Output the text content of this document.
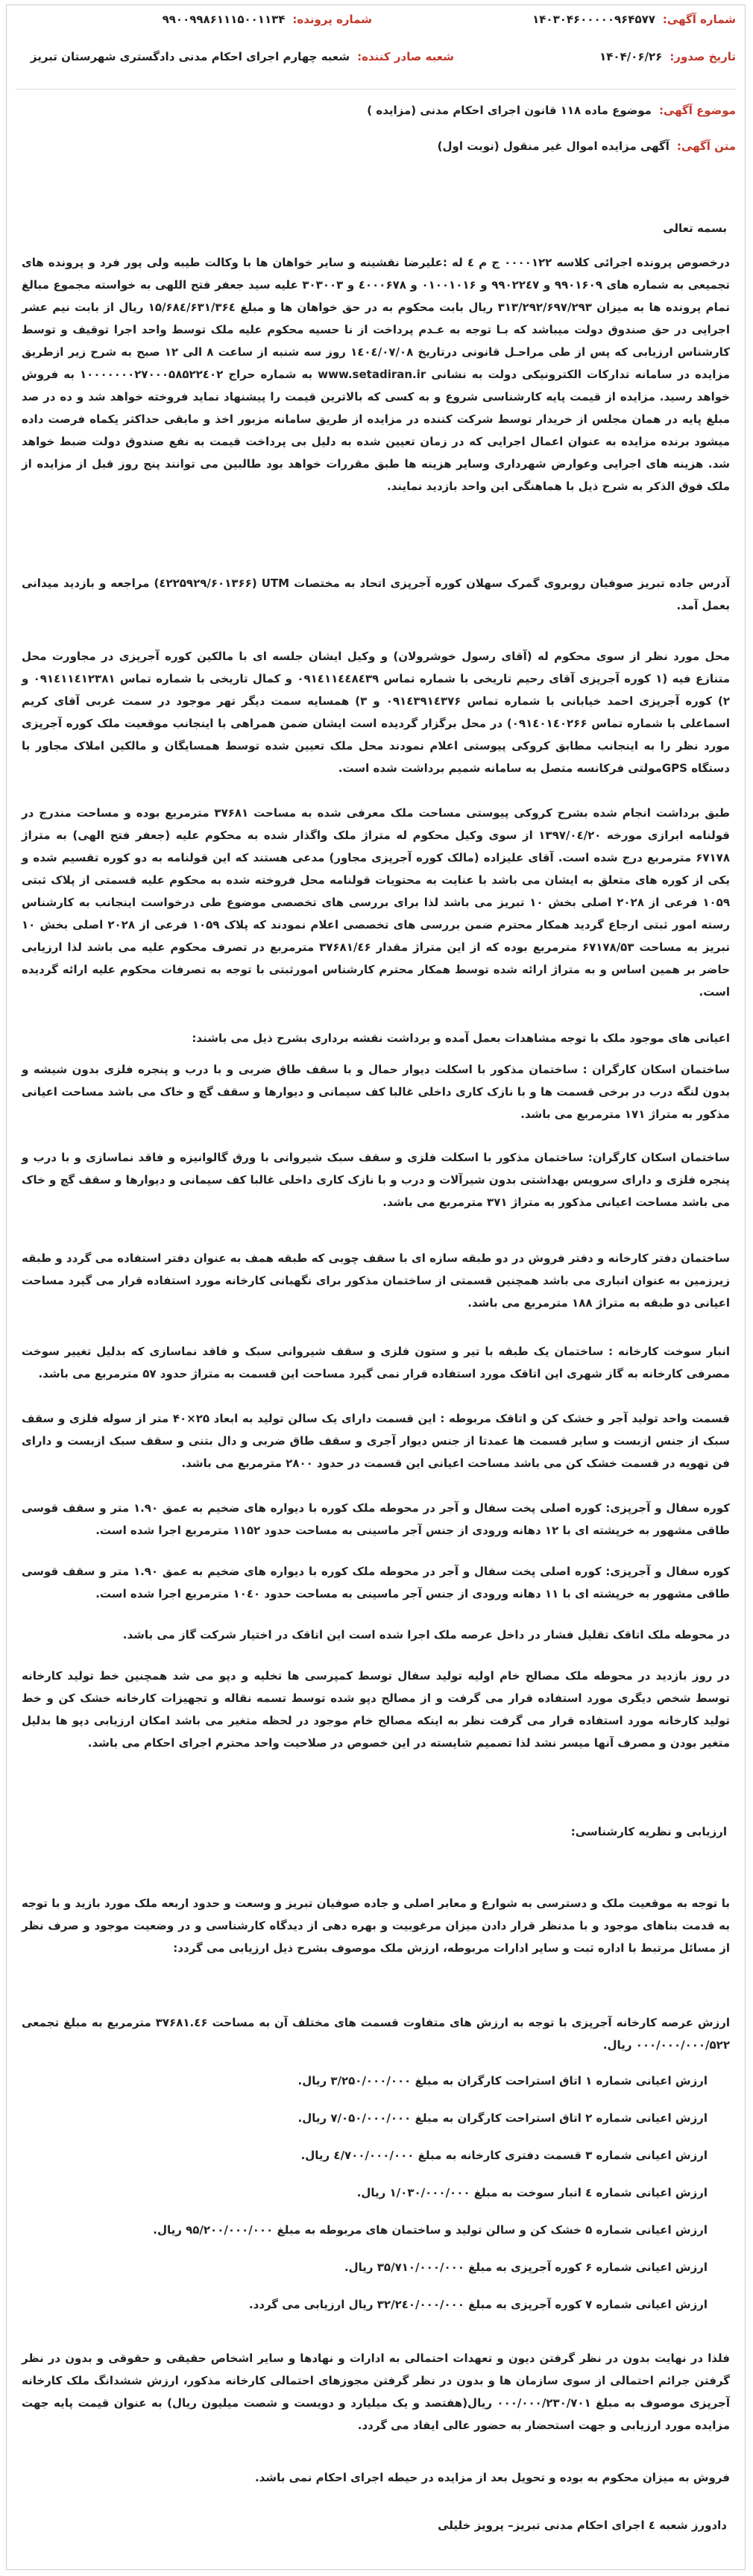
شماره آگهی:
۱۴۰۳۰۴۶۰۰۰۰۰۹۶۴۵۷۷
شماره پرونده:
۹۹۰۰۹۹۸۶۱۱۱۵۰۰۱۱۳۴
تاریخ صدور:
۱۴۰۴/۰۶/۲۶
شعبه صادر کننده:
شعبه چهارم اجرای احکام مدنی دادگستری شهرستان تبریز
موضوع آگهی:
موضوع ماده ۱۱۸ قانون اجرای احکام مدنی (مزایده )
متن آگهی:
آگهی مزایده اموال غیر منقول (نوبت اول)
بسمه تعالی
درخصوص پرونده اجرائی کلاسه ۰۰۰۰۱۲۲ ج م ٤ له :علیرضا نقشینه و سایر خواهان ها با وکالت طیبه ولی پور فرد و پرونده های تجمیعی به شماره های ۹۹۰۱۶۰۹ و ۹۹۰۲۲٤۷ و ۰۱۰۰۱۰۱۶ و ٤۰۰۰۶۷۸ و ۳۰۳۰۰۳ علیه سید جعفر فتح اللهی به خواسته مجموع مبالغ تمام پرونده ها به میزان ۳۱۳/۲۹۲/۶۹۷/۲۹۳ ریال بابت محکوم به در حق خواهان ها و مبلغ ۱۵/۶۸٤/۶۳۱/۳۶٤ ریال از بابت نیم عشر اجرایی در حق صندوق دولت میباشد که بـا توجه به عـدم پرداخت از نا حسیه محکوم علیه ملک توسط واحد اجرا توقیف و توسط کارشناس ارزیابی که پس از طی مراحـل قانونی درتاریخ ۱٤۰٤/۰۷/۰۸ روز سه شنبه از ساعت ۸ الی ۱۲ صبح به شرح زیر ازطریق مزایده در سامانه تدارکات الکترونیکی دولت به نشانی www.setadiran.ir به شماره حراج ۱۰۰۰۰۰۰۰۲۷۰۰۰۵۸۵۲۲٤۰۲ به فروش خواهد رسید. مزایده از قیمت پایه کارشناسی شروع و به کسی که بالاترین قیمت را پیشنهاد نماید فروخته خواهد شد و ده در صد مبلغ پایه در همان مجلس از خریدار توسط شرکت کننده در مزایده از طریق سامانه مزبور اخذ و مابقی حداکثر یکماه فرصت داده میشود برنده مزایده به عنوان اعمال اجرایی که در زمان تعیین شده به دلیل بی پرداخت قیمت به نفع صندوق دولت ضبط خواهد شد. هزینه های اجرایی وعوارض شهرداری وسایر هزینه ها طبق مقررات خواهد بود طالبین می توانند پنج روز قبل از مزایده از ملک فوق الذکر به شرح ذیل با هماهنگی این واحد بازدید نمایند.
آدرس جاده تبریز صوفیان روبروی گمرک سهلان کوره آجرپزی اتحاد به مختصات UTM (۶۰۱۳۶۶/٤۲۲۵۹۲۹) مراجعه و بازدید میدانی بعمل آمد.
محل مورد نظر از سوی محکوم له (آقای رسول خوشرولان) و وکیل ایشان جلسه ای با مالکین کوره آجرپزی در مجاورت محل متنازع فیه (۱ کوره آجرپزی آقای رحیم تاریخی با شماره تماس ۰۹۱٤۱۱٤٤۸٤۳۹ و کمال تاریخی با شماره تماس ۰۹۱٤۱۱٤۱۲۳۸۱ و ۲) کوره آجرپزی احمد خیابانی با شماره تماس ۰۹۱٤۳۹۱٤۳۷۶ و ۳) همسایه سمت دیگر تهر موجود در سمت غربی آقای کریم اسماعلی با شماره تماس ۰۹۱٤۰۱٤۰۲۶۶) در محل برگزار گردیده است ایشان ضمن همراهی با اینجانب موقعیت ملک کوره آجرپزی مورد نظر را به اینجانب مطابق کروکی پیوستی اعلام نمودند محل ملک تعیین شده توسط همسایگان و مالکین املاک مجاور با دستگاه GPSمولتی فرکانسه متصل به سامانه شمیم برداشت شده است.
طبق برداشت انجام شده بشرح کروکی پیوستی مساحت ملک معرفی شده به مساحت ۳۷۶۸۱ مترمربع بوده و مساحت مندرج در قولنامه ابرازی مورخه ۱۳۹۷/۰٤/۲۰ از سوی وکیل محکوم له متراژ ملک واگذار شده به محکوم علیه (جعفر فتح الهی) به متراژ ۶۷۱۷۸ مترمربع درج شده است. آقای علیزاده (مالک کوره آجرپزی مجاور) مدعی هستند که این قولنامه به دو کوره تقسیم شده و یکی از کوره های متعلق به ایشان می باشد با عنایت به محتویات قولنامه محل فروخته شده به محکوم علیه قسمتی از پلاک ثبتی ۱۰۵۹ فرعی از ۲۰۲۸ اصلی بخش ۱۰ تبریز می باشد لذا برای بررسی های تخصصی موضوع طی درخواست اینجانب به کارشناس رسته امور ثبتی ارجاع گردید همکار محترم ضمن بررسی های تخصصی اعلام نمودند که پلاک ۱۰۵۹ فرعی از ۲۰۲۸ اصلی بخش ۱۰ تبریز به مساحت ۶۷۱۷۸/۵۳ مترمربع بوده که از این متراژ مقدار ۳۷۶۸۱/٤۶ مترمربع در تصرف محکوم علیه می باشد لذا ارزیابی حاضر بر همین اساس و به متراژ ارائه شده توسط همکار محترم کارشناس امورثبتی با توجه به تصرفات محکوم علیه ارائه گردیده است.
اعیانی های موجود ملک با توجه مشاهدات بعمل آمده و برداشت نقشه برداری بشرح ذیل می باشند:
ساختمان اسکان کارگران : ساختمان مذکور با اسکلت دیوار حمال و با سقف طاق ضربی و با درب و پنجره فلزی بدون شیشه و بدون لنگه درب در برخی قسمت ها و با نازک کاری داخلی غالبا کف سیمانی و دیوارها و سقف گچ و خاک می باشد مساحت اعیانی مذکور به متراژ ۱۷۱ مترمربع می باشد.
ساختمان اسکان کارگران: ساختمان مذکور با اسکلت فلزی و سقف سبک شیروانی با ورق گالوانیزه و فاقد نماسازی و با درب و پنجره فلزی و دارای سرویس بهداشتی بدون شیرآلات و درب و با نازک کاری داخلی غالبا کف سیمانی و دیوارها و سقف گچ و خاک می باشد مساحت اعیانی مذکور به متراژ ۳۷۱ مترمربع می باشد.
ساختمان دفتر کارخانه و دفتر فروش در دو طبقه سازه ای با سقف چوبی که طبقه همف به عنوان دفتر استفاده می گردد و طبقه زیرزمین به عنوان انباری می باشد همچنین قسمتی از ساختمان مذکور برای نگهبانی کارخانه مورد استفاده قرار می گیرد مساحت اعیانی دو طبقه به متراژ ۱۸۸ مترمربع می باشد.
انبار سوخت کارخانه : ساختمان یک طبقه با تیر و ستون فلزی و سقف شیروانی سبک و فاقد نماسازی که بدلیل تغییر سوخت مصرفی کارخانه به گاز شهری این اتاقک مورد استفاده قرار نمی گیرد مساحت این قسمت به متراژ حدود ۵۷ مترمربع می باشد.
قسمت واحد تولید آجر و خشک کن و اتاقک مربوطه : این قسمت دارای یک سالن تولید به ابعاد ۲۵×۴۰ متر از سوله فلزی و سقف سبک از جنس ازبست و سایر قسمت ها عمدتا از جنس دیوار آجری و سقف طاق ضربی و دال بتنی و سقف سبک ازبست و دارای فن تهویه در قسمت خشک کن می باشد مساحت اعیانی این قسمت در حدود ۲۸۰۰ مترمربع می باشد.
کوره سفال و آجرپزی: کوره اصلی پخت سفال و آجر در محوطه ملک کوره با دیواره های ضخیم به عمق ۱.۹۰ متر و سقف قوسی طاقی مشهور به خرپشته ای با ۱۲ دهانه ورودی از جنس آجر ماسینی به مساحت حدود ۱۱۵۲ مترمربع اجرا شده است.
کوره سفال و آجرپزی: کوره اصلی پخت سفال و آجر در محوطه ملک کوره با دیواره های ضخیم به عمق ۱.۹۰ متر و سقف قوسی طاقی مشهور به خرپشته ای با ۱۱ دهانه ورودی از جنس آجر ماسینی به مساحت حدود ۱۰٤۰ مترمربع اجرا شده است.
در محوطه ملک اتاقک تقلیل فشار در داخل عرصه ملک اجرا شده است این اتاقک در اختیار شرکت گاز می باشد.
در روز بازدید در محوطه ملک مصالح خام اولیه تولید سفال توسط کمپرسی ها تخلیه و دپو می شد همچنین خط تولید کارخانه توسط شخص دیگری مورد استفاده قرار می گرفت و از مصالح دپو شده توسط تسمه نقاله و تجهیزات کارخانه خشک کن و خط تولید کارخانه مورد استفاده قرار می گرفت نظر به اینکه مصالح خام موجود در لحظه متغیر می باشد امکان ارزیابی دپو ها بدلیل متغیر بودن و مصرف آنها میسر نشد لذا تصمیم شایسته در این خصوص در صلاحیت واحد محترم اجرای احکام می باشد.
ارزیابی و نظریه کارشناسی:
با توجه به موقعیت ملک و دسترسی به شوارع و معابر اصلی و جاده صوفیان تبریز و وسعت و حدود اربعه ملک مورد بازید و با توجه به قدمت بناهای موجود و با مدنظر قرار دادن میزان مرغوبیت و بهره دهی از دیدگاه کارشناسی و در وضعیت موجود و صرف نظر از مسائل مرتبط با اداره ثبت و سایر ادارات مربوطه، ارزش ملک موصوف بشرح ذیل ارزیابی می گردد:
ارزش عرصه کارخانه آجرپزی با توجه به ارزش های متفاوت قسمت های مختلف آن به مساحت ۳۷۶۸۱.٤۶ مترمربع به مبلغ تجمعی ۰۰۰/۰۰۰/۰۰۰/۵۲۲ ریال.
ارزش اعیانی شماره ۱ اتاق استراحت کارگران به مبلغ ۳/۲۵۰/۰۰۰/۰۰۰ ریال.
ارزش اعیانی شماره ۲ اتاق استراحت کارگران به مبلغ ۷/۰۵۰/۰۰۰/۰۰۰ ریال.
ارزش اعیانی شماره ۳ قسمت دفتری کارخانه به مبلغ ٤/۷۰۰/۰۰۰/۰۰۰ ریال.
ارزش اعیانی شماره ٤ انبار سوخت به مبلغ ۱/۰۳۰/۰۰۰/۰۰۰ ریال.
ارزش اعیانی شماره ۵ خشک کن و سالن تولید و ساختمان های مربوطه به مبلغ ۹۵/۲۰۰/۰۰۰/۰۰۰ ریال.
ارزش اعیانی شماره ۶ کوره آجرپزی به مبلغ ۳۵/۷۱۰/۰۰۰/۰۰۰ ریال.
ارزش اعیانی شماره ۷ کوره آجرپزی به مبلغ ۳۲/۲٤۰/۰۰۰/۰۰۰ ریال ارزیابی می گردد.
فلذا در نهایت بدون در نظر گرفتن دیون و تعهدات احتمالی به ادارات و نهادها و سایر اشخاص حقیقی و حقوقی و بدون در نظر گرفتن جرائم احتمالی از سوی سازمان ها و بدون در نظر گرفتن مجوزهای احتمالی کارخانه مذکور، ارزش ششدانگ ملک کارخانه آجرپزی موصوف به مبلغ ۰۰۰/۰۰۰/۲۳۰/۷۰۱ ریال(هفتصد و یک میلیارد و دویست و شصت میلیون ریال) به عنوان قیمت پایه جهت مزایده مورد ارزیابی و جهت استحضار به حضور عالی ایفاد می گردد.
فروش به میزان محکوم به بوده و تحویل بعد از مزایده در حیطه اجرای احکام نمی باشد.
دادورز شعبه ٤ اجرای احکام مدنی تبریز– پرویز خلیلی
